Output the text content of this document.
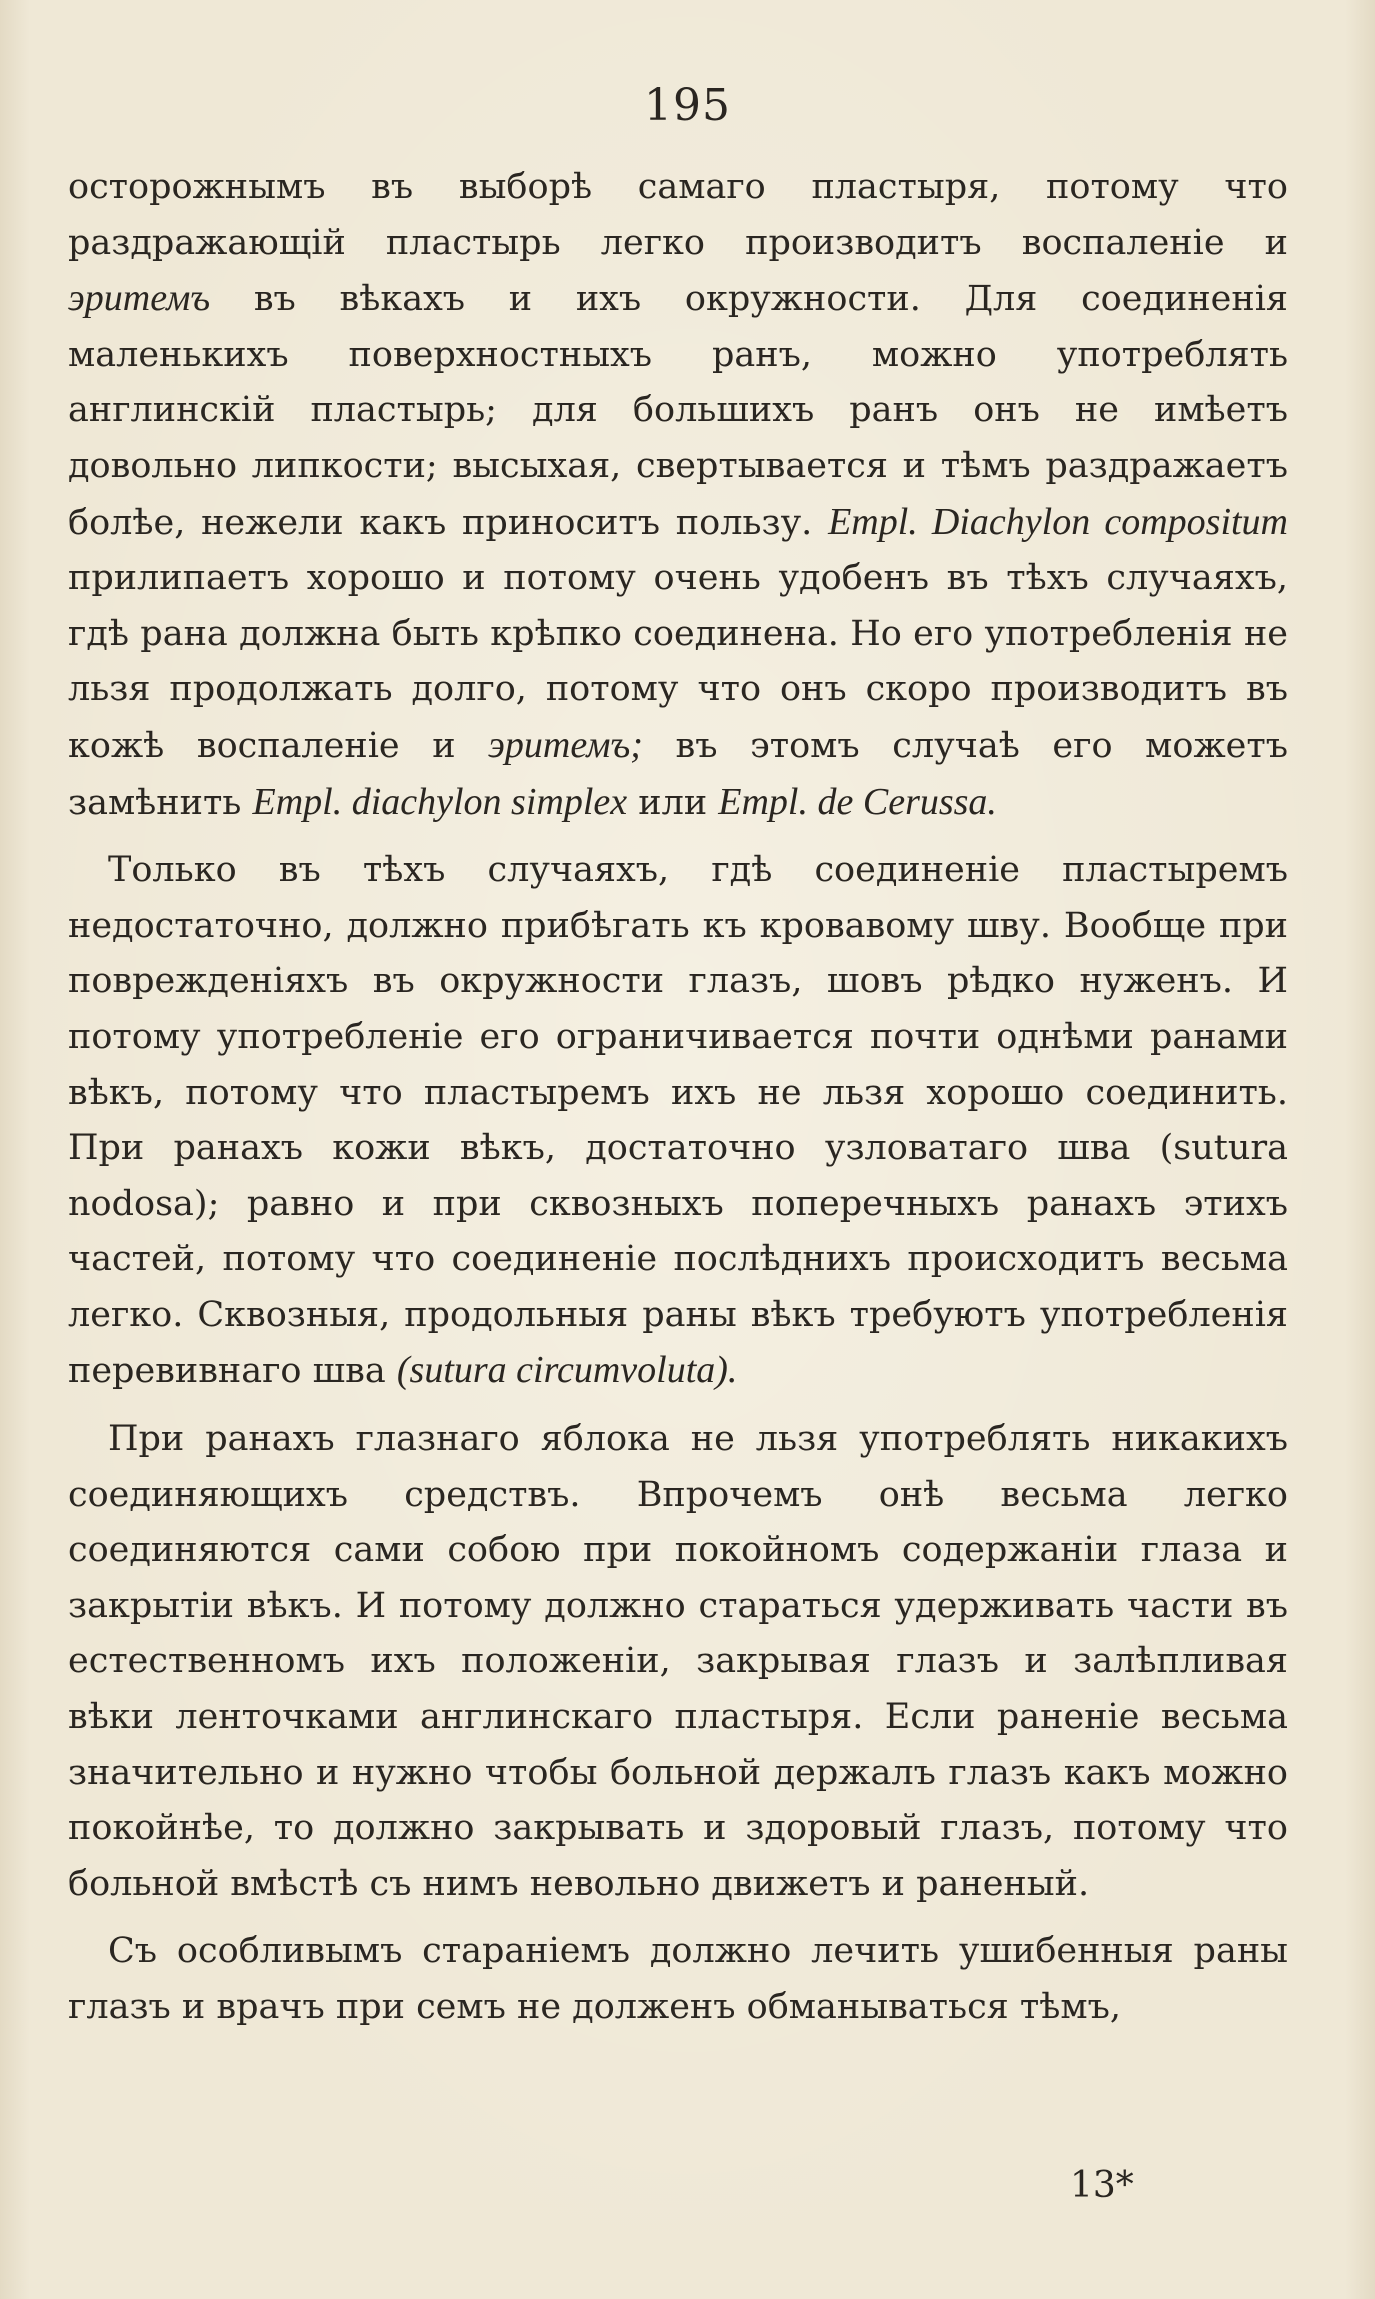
195

осторожнымъ въ выборѣ самаго пластыря, потому что раздражающій пластырь легко производитъ воспаленіе и эритемъ въ вѣкахъ и ихъ окружности. Для соединенія маленькихъ поверхностныхъ ранъ, можно употреблять англинскій пластырь; для большихъ ранъ онъ не имѣетъ довольно липкости; высыхая, свертывается и тѣмъ раздражаетъ болѣе, нежели какъ приноситъ пользу. Empl. Diachylon compositum прилипаетъ хорошо и потому очень удобенъ въ тѣхъ случаяхъ, гдѣ рана должна быть крѣпко соединена. Но его употребленія не льзя продолжать долго, потому что онъ скоро производитъ въ кожѣ воспаленіе и эритемъ; въ этомъ случаѣ его можетъ замѣнить Empl. diachylon simplex или Empl. de Cerussa.

Только въ тѣхъ случаяхъ, гдѣ соединеніе пластыремъ недостаточно, должно прибѣгать къ кровавому шву. Вообще при поврежденіяхъ въ окружности глазъ, шовъ рѣдко нуженъ. И потому употребленіе его ограничивается почти однѣми ранами вѣкъ, потому что пластыремъ ихъ не льзя хорошо соединить. При ранахъ кожи вѣкъ, достаточно узловатаго шва (sutura nodosa); равно и при сквозныхъ поперечныхъ ранахъ этихъ частей, потому что соединеніе послѣднихъ происходитъ весьма легко. Сквозныя, продольныя раны вѣкъ требуютъ употребленія перевивнаго шва (sutura circumvoluta).

При ранахъ глазнаго яблока не льзя употреблять никакихъ соединяющихъ средствъ. Впрочемъ онѣ весьма легко соединяются сами собою при покойномъ содержаніи глаза и закрытіи вѣкъ. И потому должно стараться удерживать части въ естественномъ ихъ положеніи, закрывая глазъ и залѣпливая вѣки ленточками англинскаго пластыря. Если раненіе весьма значительно и нужно чтобы больной держалъ глазъ какъ можно покойнѣе, то должно закрывать и здоровый глазъ, потому что больной вмѣстѣ съ нимъ невольно движетъ и раненый.

Съ особливымъ стараніемъ должно лечить ушибенныя раны глазъ и врачъ при семъ не долженъ обманываться тѣмъ,

13*
